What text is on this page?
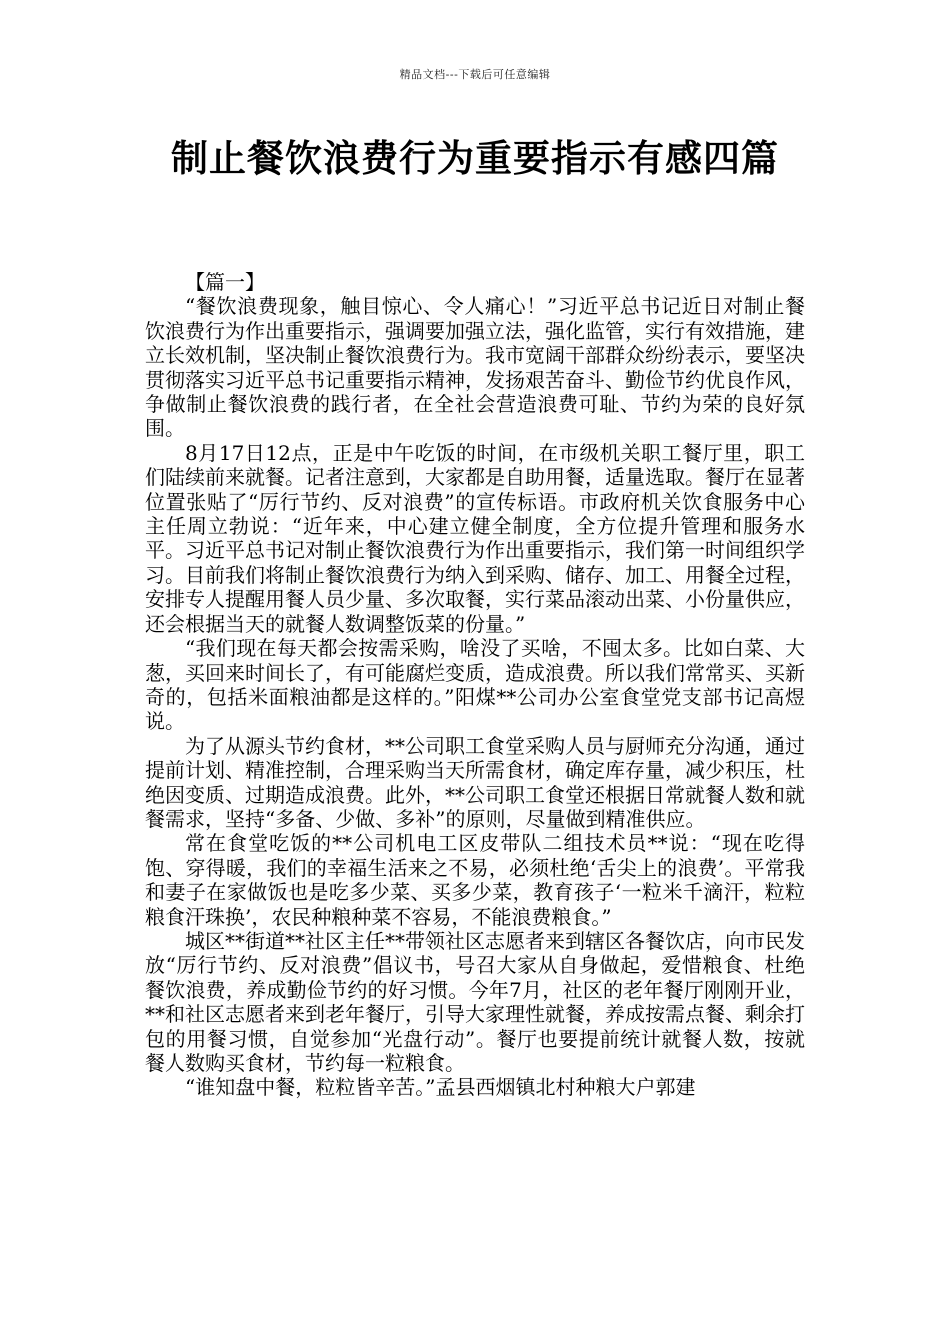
精品文档---下载后可任意编辑
制止餐饮浪费行为重要指示有感四篇

【篇一】

“餐饮浪费现象，触目惊心、令人痛心！”习近平总书记近日对制止餐饮浪费行为作出重要指示，强调要加强立法，强化监管，实行有效措施，建立长效机制，坚决制止餐饮浪费行为。我市宽阔干部群众纷纷表示，要坚决贯彻落实习近平总书记重要指示精神，发扬艰苦奋斗、勤俭节约优良作风，争做制止餐饮浪费的践行者，在全社会营造浪费可耻、节约为荣的良好氛围。

8月17日12点，正是中午吃饭的时间，在市级机关职工餐厅里，职工们陆续前来就餐。记者注意到，大家都是自助用餐，适量选取。餐厅在显著位置张贴了“厉行节约、反对浪费”的宣传标语。市政府机关饮食服务中心主任周立勃说：“近年来，中心建立健全制度，全方位提升管理和服务水平。习近平总书记对制止餐饮浪费行为作出重要指示，我们第一时间组织学习。目前我们将制止餐饮浪费行为纳入到采购、储存、加工、用餐全过程，安排专人提醒用餐人员少量、多次取餐，实行菜品滚动出菜、小份量供应，还会根据当天的就餐人数调整饭菜的份量。”

“我们现在每天都会按需采购，啥没了买啥，不囤太多。比如白菜、大葱，买回来时间长了，有可能腐烂变质，造成浪费。所以我们常常买、买新奇的，包括米面粮油都是这样的。”阳煤**公司办公室食堂党支部书记高煜说。

为了从源头节约食材，**公司职工食堂采购人员与厨师充分沟通，通过提前计划、精准控制，合理采购当天所需食材，确定库存量，减少积压，杜绝因变质、过期造成浪费。此外，**公司职工食堂还根据日常就餐人数和就餐需求，坚持“多备、少做、多补”的原则，尽量做到精准供应。

常在食堂吃饭的**公司机电工区皮带队二组技术员**说：“现在吃得饱、穿得暖，我们的幸福生活来之不易，必须杜绝‘舌尖上的浪费’。平常我和妻子在家做饭也是吃多少菜、买多少菜，教育孩子‘一粒米千滴汗，粒粒粮食汗珠换’，农民种粮种菜不容易，不能浪费粮食。”

城区**街道**社区主任**带领社区志愿者来到辖区各餐饮店，向市民发放“厉行节约、反对浪费”倡议书，号召大家从自身做起，爱惜粮食、杜绝餐饮浪费，养成勤俭节约的好习惯。今年7月，社区的老年餐厅刚刚开业，**和社区志愿者来到老年餐厅，引导大家理性就餐，养成按需点餐、剩余打包的用餐习惯，自觉参加“光盘行动”。餐厅也要提前统计就餐人数，按就餐人数购买食材，节约每一粒粮食。

“谁知盘中餐，粒粒皆辛苦。”孟县西烟镇北村种粮大户郭建
